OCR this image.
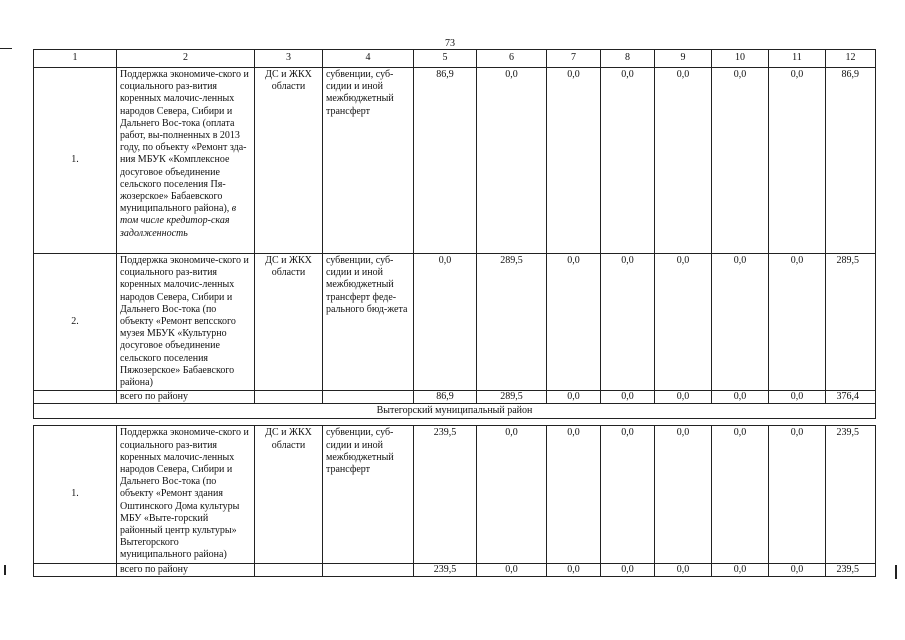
73
1	2	3	4	5	6	7	8	9	10	11	12
1.	Поддержка экономиче-ского и социального раз-вития коренных малочис-ленных народов Севера, Сибири и Дальнего Вос-тока (оплата работ, вы-полненных в 2013 году, по объекту «Ремонт зда-ния МБУК «Комплексное досуговое объединение сельского поселения Пя-жозерское» Бабаевского муниципального района), в том числе кредитор-ская задолженность	ДС и ЖКХ области	субвенции, суб-сидии и иной межбюджетный трансферт	86,9	0,0	0,0	0,0	0,0	0,0	0,0	86,9
2.	Поддержка экономиче-ского и социального раз-вития коренных малочис-ленных народов Севера, Сибири и Дальнего Вос-тока (по объекту «Ремонт вепсского музея МБУК «Культурно досуговое объединение сельского поселения Пяжозерское» Бабаевского района)	ДС и ЖКХ области	субвенции, суб-сидии и иной межбюджетный трансферт феде-рального бюд-жета	0,0	289,5	0,0	0,0	0,0	0,0	0,0	289,5
	всего по району			86,9	289,5	0,0	0,0	0,0	0,0	0,0	376,4
Вытегорский муниципальный район											

1.	Поддержка экономиче-ского и социального раз-вития коренных малочис-ленных народов Севера, Сибири и Дальнего Вос-тока (по объекту «Ремонт здания Оштинского Дома культуры МБУ «Выте-горский районный центр культуры» Вытегорского муниципального района)	ДС и ЖКХ области	субвенции, суб-сидии и иной межбюджетный трансферт	239,5	0,0	0,0	0,0	0,0	0,0	0,0	239,5
	всего по району			239,5	0,0	0,0	0,0	0,0	0,0	0,0	239,5
